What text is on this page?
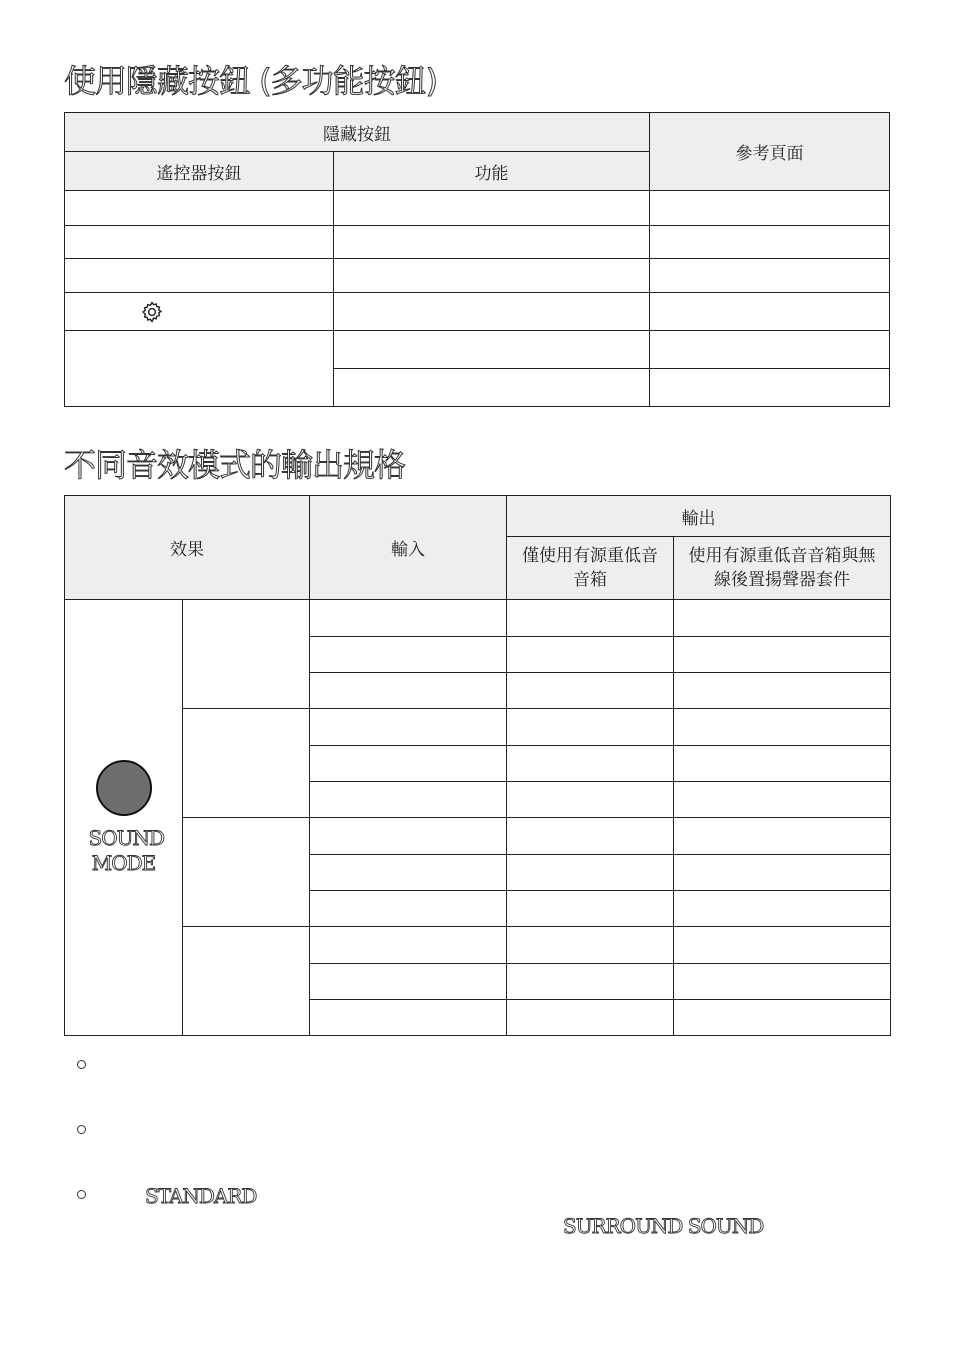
使用隱藏按鈕 (多功能按鈕)
隱藏按鈕		參考頁面
遙控器按鈕	功能	

不同音效模式的輸出規格
效果		輸入	輸出	
			僅使用有源重低音音箱	使用有源重低音音箱與無線後置揚聲器套件

SOUND MODE				

STANDARD
SURROUND SOUND
